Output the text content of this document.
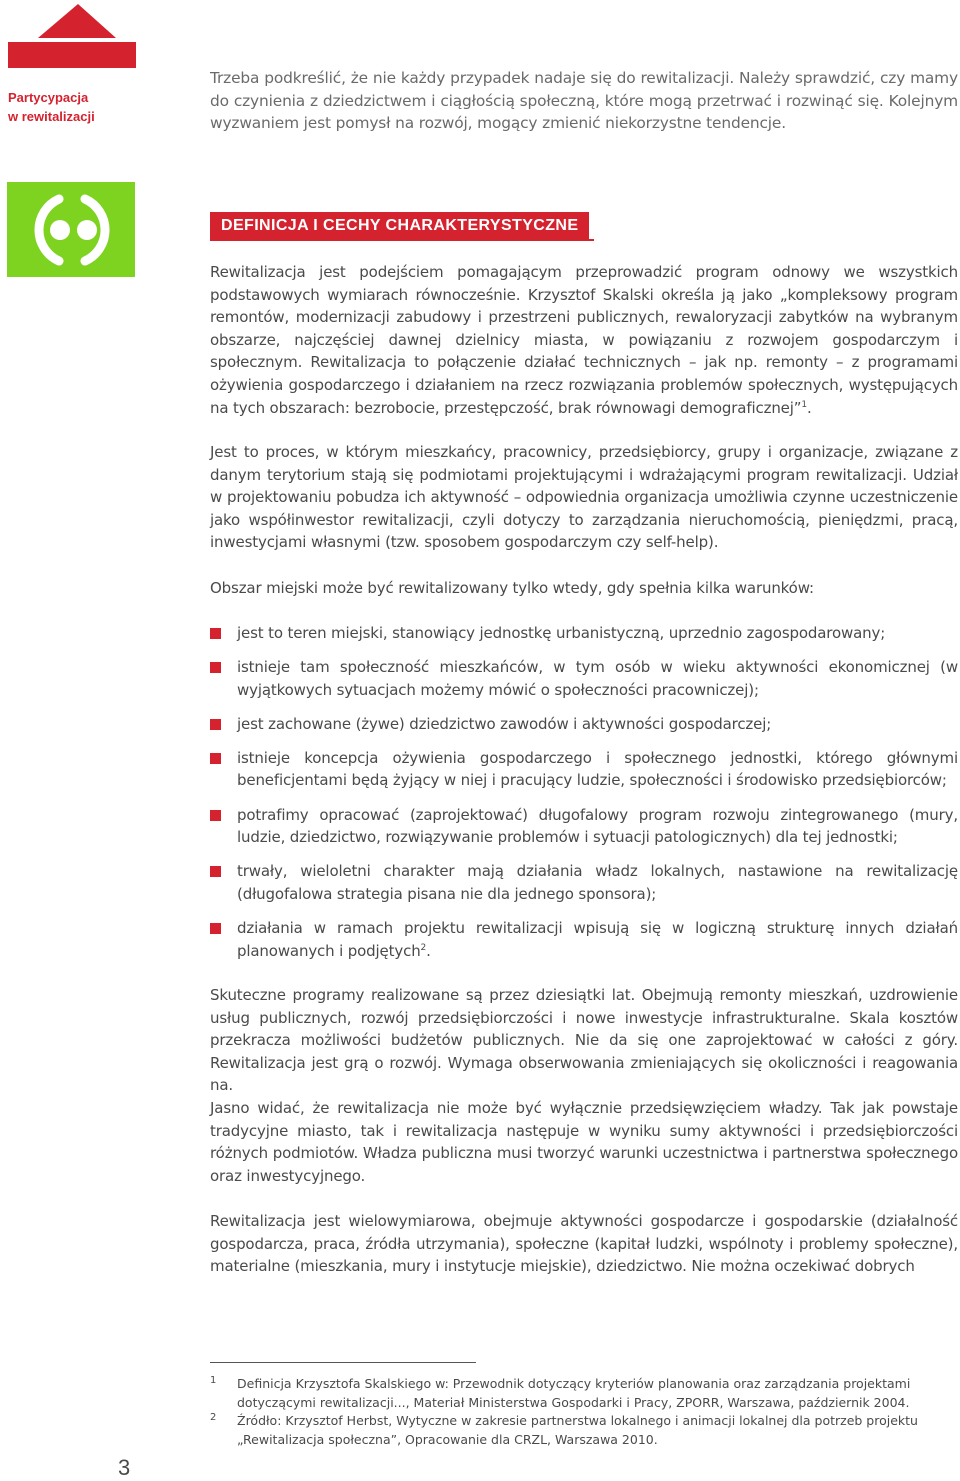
Partycypacja
w rewitalizacji

Trzeba podkreślić, że nie każdy przypadek nadaje się do rewitalizacji. Należy sprawdzić, czy mamy do czynienia z dziedzictwem i ciągłością społeczną, które mogą przetrwać i rozwinąć się. Kolejnym wyzwaniem jest pomysł na rozwój, mogący zmienić niekorzystne tendencje.

DEFINICJA I CECHY CHARAKTERYSTYCZNE

Rewitalizacja jest podejściem pomagającym przeprowadzić program odnowy we wszystkich podstawowych wymiarach równocześnie. Krzysztof Skalski określa ją jako „kompleksowy program remontów, modernizacji zabudowy i przestrzeni publicznych, rewaloryzacji zabytków na wybranym obszarze, najczęściej dawnej dzielnicy miasta, w powiązaniu z rozwojem gospodarczym i społecznym. Rewitalizacja to połączenie działać technicznych – jak np. remonty – z programami ożywienia gospodarczego i działaniem na rzecz rozwiązania problemów społecznych, występujących na tych obszarach: bezrobocie, przestępczość, brak równowagi demograficznej”$^1$.

Jest to proces, w którym mieszkańcy, pracownicy, przedsiębiorcy, grupy i organizacje, związane z danym terytorium stają się podmiotami projektującymi i wdrażającymi program rewitalizacji. Udział w projektowaniu pobudza ich aktywność – odpowiednia organizacja umożliwia czynne uczestniczenie jako współinwestor rewitalizacji, czyli dotyczy to zarządzania nieruchomością, pieniędzmi, pracą, inwestycjami własnymi (tzw. sposobem gospodarczym czy self-help).

Obszar miejski może być rewitalizowany tylko wtedy, gdy spełnia kilka warunków:

jest to teren miejski, stanowiący jednostkę urbanistyczną, uprzednio zagospodarowany;
istnieje tam społeczność mieszkańców, w tym osób w wieku aktywności ekonomicznej (w wyjątkowych sytuacjach możemy mówić o społeczności pracowniczej);
jest zachowane (żywe) dziedzictwo zawodów i aktywności gospodarczej;
istnieje koncepcja ożywienia gospodarczego i społecznego jednostki, którego głównymi beneficjentami będą żyjący w niej i pracujący ludzie, społeczności i środowisko przedsiębiorców;
potrafimy opracować (zaprojektować) długofalowy program rozwoju zintegrowanego (mury, ludzie, dziedzictwo, rozwiązywanie problemów i sytuacji patologicznych) dla tej jednostki;
trwały, wieloletni charakter mają działania władz lokalnych, nastawione na rewitalizację (długofalowa strategia pisana nie dla jednego sponsora);
działania w ramach projektu rewitalizacji wpisują się w logiczną strukturę innych działań planowanych i podjętych$^2$.

Skuteczne programy realizowane są przez dziesiątki lat. Obejmują remonty mieszkań, uzdrowienie usług publicznych, rozwój przedsiębiorczości i nowe inwestycje infrastrukturalne. Skala kosztów przekracza możliwości budżetów publicznych. Nie da się one zaprojektować w całości z góry. Rewitalizacja jest grą o rozwój. Wymaga obserwowania zmieniających się okoliczności i reagowania na.

Jasno widać, że rewitalizacja nie może być wyłącznie przedsięwzięciem władzy. Tak jak powstaje tradycyjne miasto, tak i rewitalizacja następuje w wyniku sumy aktywności i przedsiębiorczości różnych podmiotów. Władza publiczna musi tworzyć warunki uczestnictwa i partnerstwa społecznego oraz inwestycyjnego.

Rewitalizacja jest wielowymiarowa, obejmuje aktywności gospodarcze i gospodarskie (działalność gospodarcza, praca, źródła utrzymania), społeczne (kapitał ludzki, wspólnoty i problemy społeczne), materialne (mieszkania, mury i instytucje miejskie), dziedzictwo. Nie można oczekiwać dobrych

1	Definicja Krzysztofa Skalskiego w: Przewodnik dotyczący kryteriów planowania oraz zarządzania projektami dotyczącymi rewitalizacji..., Materiał Ministerstwa Gospodarki i Pracy, ZPORR, Warszawa, październik 2004.
2	Źródło: Krzysztof Herbst, Wytyczne w zakresie partnerstwa lokalnego i animacji lokalnej dla potrzeb projektu „Rewitalizacja społeczna”, Opracowanie dla CRZL, Warszawa 2010.
3
